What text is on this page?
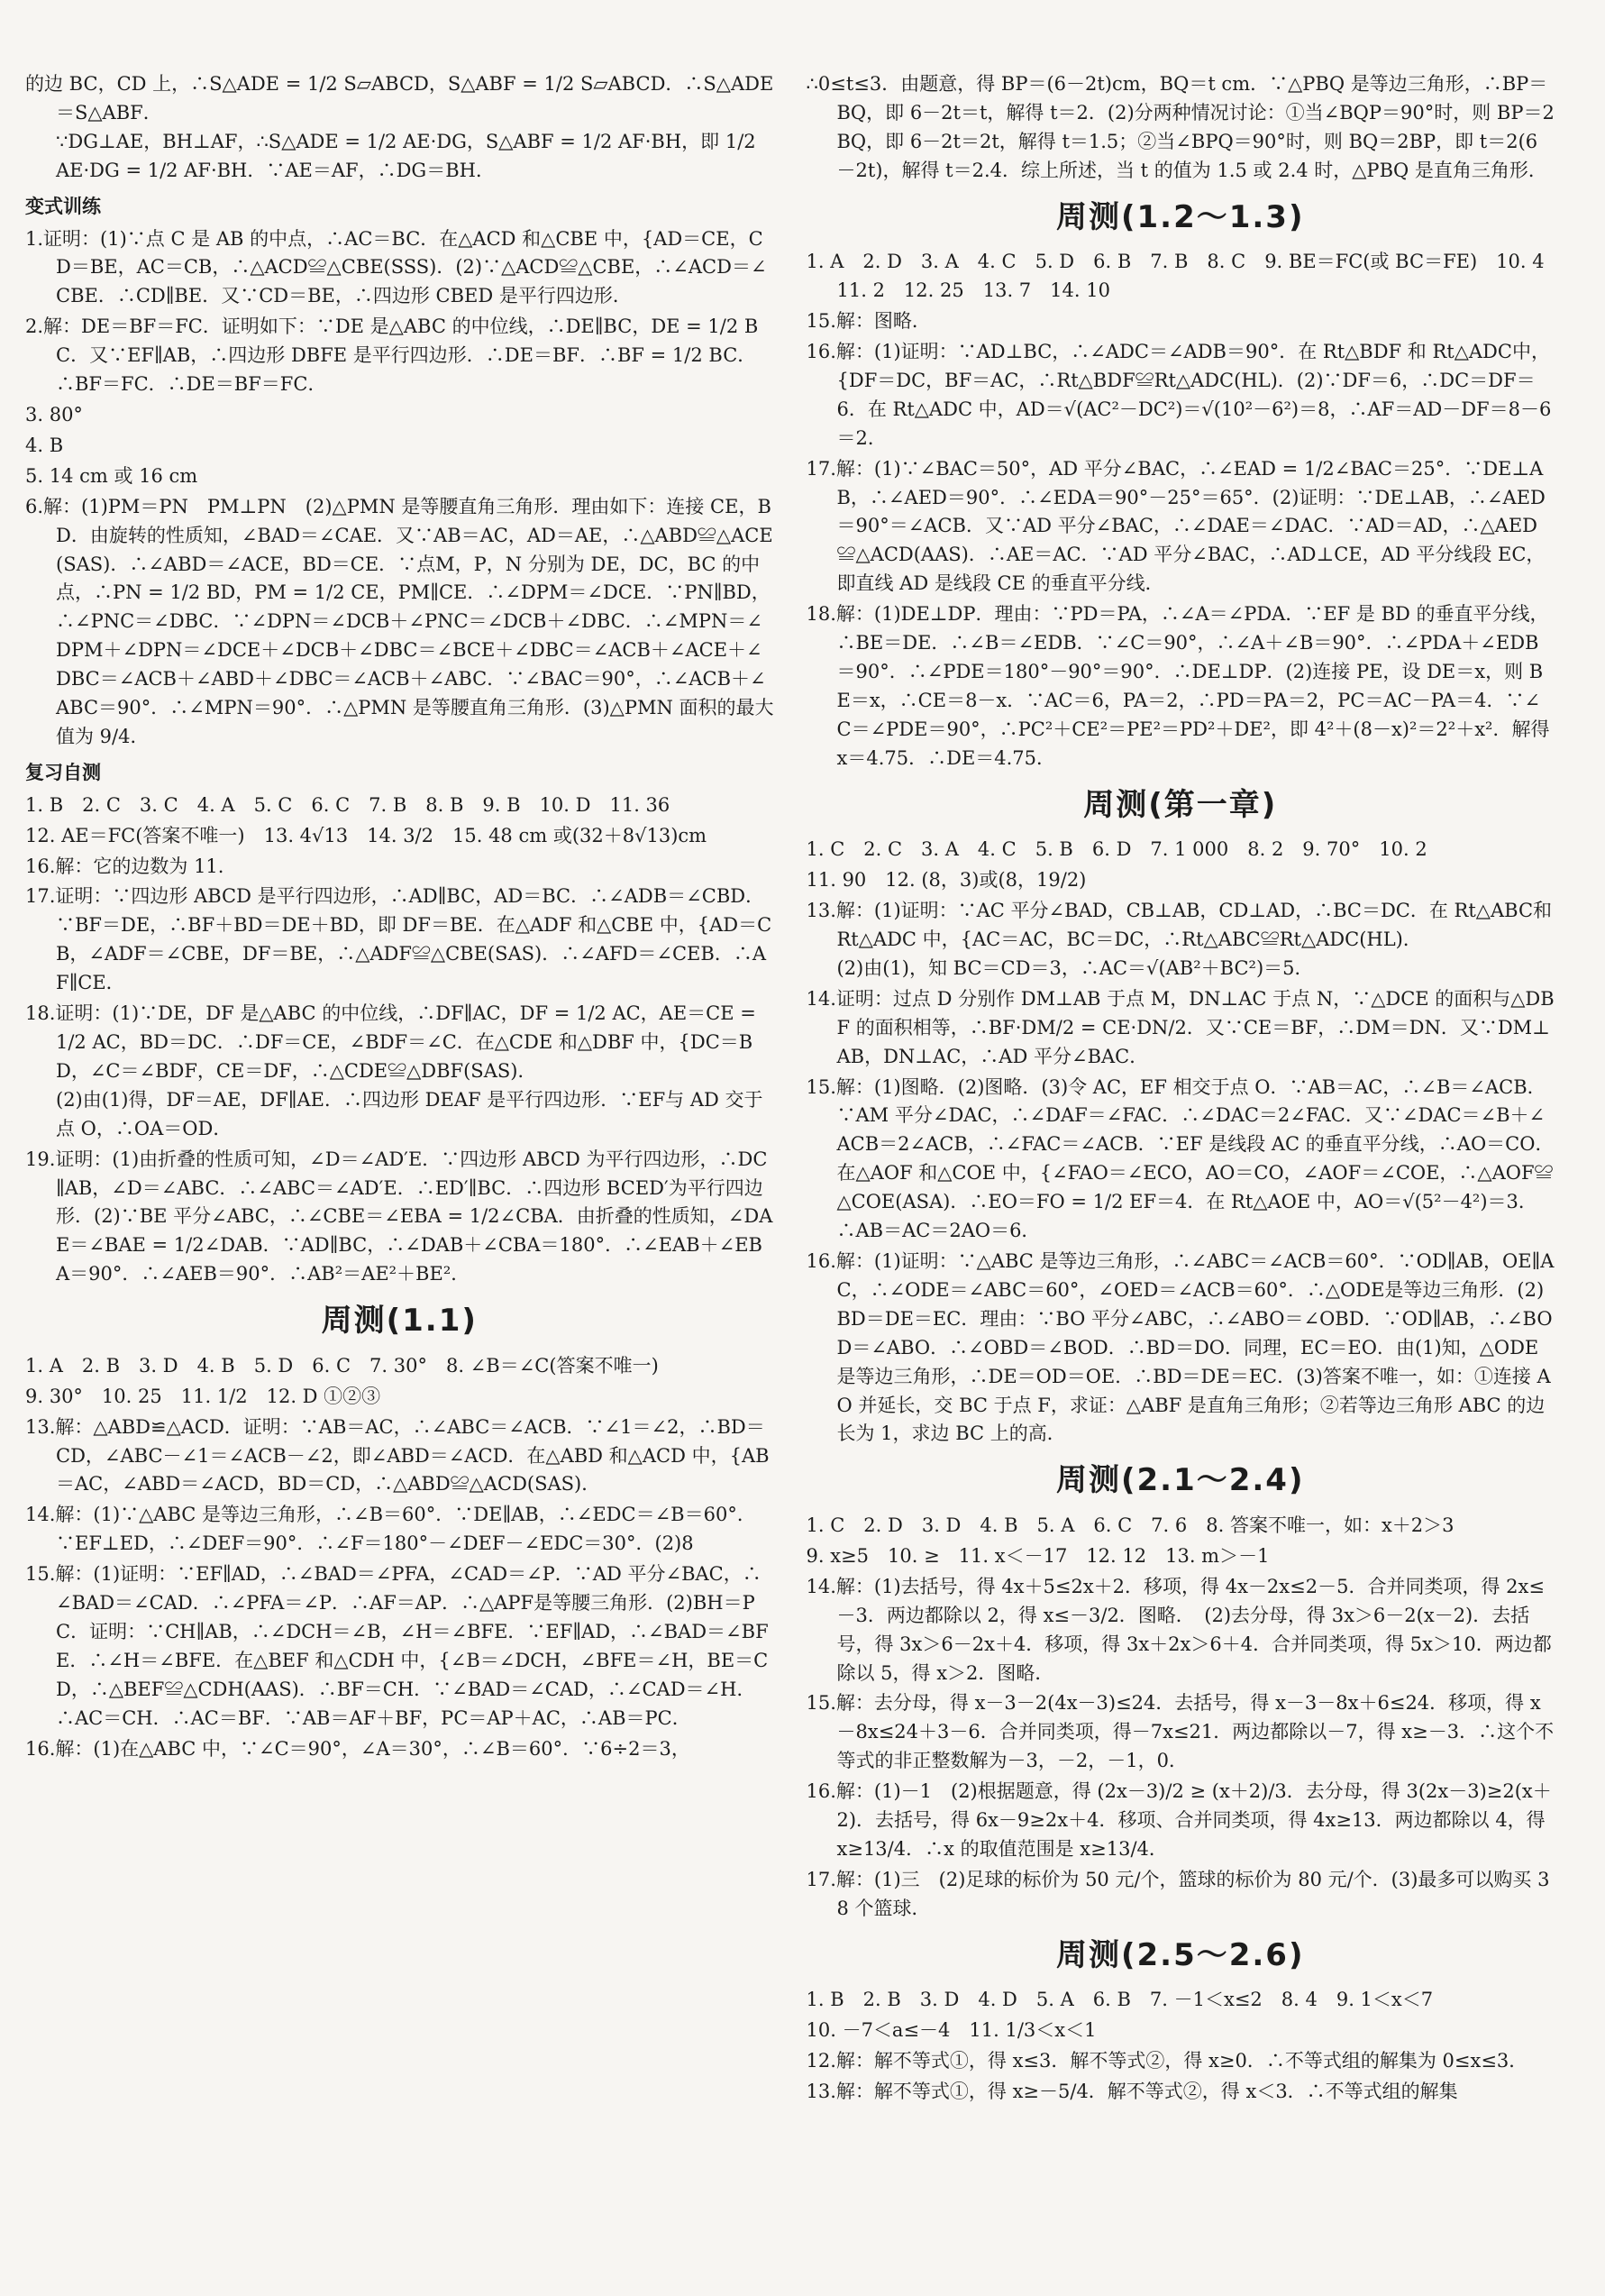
的边 BC，CD 上，∴S△ADE = 1/2 S▱ABCD，S△ABF = 1/2 S▱ABCD．∴S△ADE＝S△ABF．

∵DG⊥AE，BH⊥AF，∴S△ADE = 1/2 AE·DG，S△ABF = 1/2 AF·BH，即 1/2 AE·DG = 1/2 AF·BH．∵AE＝AF，∴DG＝BH．

变式训练

1.证明：(1)∵点 C 是 AB 的中点，∴AC＝BC．在△ACD 和△CBE 中，{AD＝CE，CD＝BE，AC＝CB，∴△ACD≌△CBE(SSS)．(2)∵△ACD≌△CBE，∴∠ACD＝∠CBE．∴CD∥BE．又∵CD＝BE，∴四边形 CBED 是平行四边形．

2.解：DE＝BF＝FC．证明如下：∵DE 是△ABC 的中位线，∴DE∥BC，DE = 1/2 BC．又∵EF∥AB，∴四边形 DBFE 是平行四边形．∴DE＝BF．∴BF = 1/2 BC．∴BF＝FC．∴DE＝BF＝FC．

3. 80°

4. B

5. 14 cm 或 16 cm

6.解：(1)PM＝PN　PM⊥PN　(2)△PMN 是等腰直角三角形．理由如下：连接 CE，BD．由旋转的性质知，∠BAD＝∠CAE．又∵AB＝AC，AD＝AE，∴△ABD≌△ACE(SAS)．∴∠ABD＝∠ACE，BD＝CE．∵点M，P，N 分别为 DE，DC，BC 的中点，∴PN = 1/2 BD，PM = 1/2 CE，PM∥CE．∴∠DPM＝∠DCE．∵PN∥BD，∴∠PNC＝∠DBC．∵∠DPN＝∠DCB＋∠PNC＝∠DCB＋∠DBC．∴∠MPN＝∠DPM＋∠DPN＝∠DCE＋∠DCB＋∠DBC＝∠BCE＋∠DBC＝∠ACB＋∠ACE＋∠DBC＝∠ACB＋∠ABD＋∠DBC＝∠ACB＋∠ABC．∵∠BAC＝90°，∴∠ACB＋∠ABC＝90°．∴∠MPN＝90°．∴△PMN 是等腰直角三角形．(3)△PMN 面积的最大值为 9/4．

复习自测

1. B　2. C　3. C　4. A　5. C　6. C　7. B　8. B　9. B　10. D　11. 36

12. AE＝FC(答案不唯一)　13. 4√13　14. 3/2　15. 48 cm 或(32＋8√13)cm

16.解：它的边数为 11.

17.证明：∵四边形 ABCD 是平行四边形，∴AD∥BC，AD＝BC．∴∠ADB＝∠CBD．∵BF＝DE，∴BF＋BD＝DE＋BD，即 DF＝BE．在△ADF 和△CBE 中，{AD＝CB，∠ADF＝∠CBE，DF＝BE，∴△ADF≌△CBE(SAS)．∴∠AFD＝∠CEB．∴AF∥CE．

18.证明：(1)∵DE，DF 是△ABC 的中位线，∴DF∥AC，DF = 1/2 AC，AE＝CE = 1/2 AC，BD＝DC．∴DF＝CE，∠BDF＝∠C．在△CDE 和△DBF 中，{DC＝BD，∠C＝∠BDF，CE＝DF，∴△CDE≌△DBF(SAS)．

(2)由(1)得，DF＝AE，DF∥AE．∴四边形 DEAF 是平行四边形．∵EF与 AD 交于点 O，∴OA＝OD．

19.证明：(1)由折叠的性质可知，∠D＝∠AD′E．∵四边形 ABCD 为平行四边形，∴DC∥AB，∠D＝∠ABC．∴∠ABC＝∠AD′E．∴ED′∥BC．∴四边形 BCED′为平行四边形．(2)∵BE 平分∠ABC，∴∠CBE＝∠EBA = 1/2∠CBA．由折叠的性质知，∠DAE＝∠BAE = 1/2∠DAB．∵AD∥BC，∴∠DAB＋∠CBA＝180°．∴∠EAB＋∠EBA＝90°．∴∠AEB＝90°．∴AB²＝AE²＋BE²．

周测(1.1)

1. A　2. B　3. D　4. B　5. D　6. C　7. 30°　8. ∠B＝∠C(答案不唯一)

9. 30°　10. 25　11. 1/2　12. D ①②③

13.解：△ABD≌△ACD．证明：∵AB＝AC，∴∠ABC＝∠ACB．∵∠1＝∠2，∴BD＝CD，∠ABC－∠1＝∠ACB－∠2，即∠ABD＝∠ACD．在△ABD 和△ACD 中，{AB＝AC，∠ABD＝∠ACD，BD＝CD，∴△ABD≌△ACD(SAS)．

14.解：(1)∵△ABC 是等边三角形，∴∠B＝60°．∵DE∥AB，∴∠EDC＝∠B＝60°．∵EF⊥ED，∴∠DEF＝90°．∴∠F＝180°－∠DEF－∠EDC＝30°．(2)8

15.解：(1)证明：∵EF∥AD，∴∠BAD＝∠PFA，∠CAD＝∠P．∵AD 平分∠BAC，∴∠BAD＝∠CAD．∴∠PFA＝∠P．∴AF＝AP．∴△APF是等腰三角形．(2)BH＝PC．证明：∵CH∥AB，∴∠DCH＝∠B，∠H＝∠BFE．∵EF∥AD，∴∠BAD＝∠BFE．∴∠H＝∠BFE．在△BEF 和△CDH 中，{∠B＝∠DCH，∠BFE＝∠H，BE＝CD，∴△BEF≌△CDH(AAS)．∴BF＝CH．∵∠BAD＝∠CAD，∴∠CAD＝∠H．∴AC＝CH．∴AC＝BF．∵AB＝AF＋BF，PC＝AP＋AC，∴AB＝PC．

16.解：(1)在△ABC 中，∵∠C＝90°，∠A＝30°，∴∠B＝60°．∵6÷2＝3，

∴0≤t≤3．由题意，得 BP＝(6－2t)cm，BQ＝t cm．∵△PBQ 是等边三角形，∴BP＝BQ，即 6－2t＝t，解得 t＝2．(2)分两种情况讨论：①当∠BQP＝90°时，则 BP＝2BQ，即 6－2t＝2t，解得 t＝1.5；②当∠BPQ＝90°时，则 BQ＝2BP，即 t＝2(6－2t)，解得 t＝2.4．综上所述，当 t 的值为 1.5 或 2.4 时，△PBQ 是直角三角形．

周测(1.2～1.3)

1. A　2. D　3. A　4. C　5. D　6. B　7. B　8. C　9. BE＝FC(或 BC＝FE)　10. 4　11. 2　12. 25　13. 7　14. 10

15.解：图略．

16.解：(1)证明：∵AD⊥BC，∴∠ADC＝∠ADB＝90°．在 Rt△BDF 和 Rt△ADC中，{DF＝DC，BF＝AC，∴Rt△BDF≌Rt△ADC(HL)．(2)∵DF＝6，∴DC＝DF＝6．在 Rt△ADC 中，AD＝√(AC²－DC²)＝√(10²－6²)＝8，∴AF＝AD－DF＝8－6＝2．

17.解：(1)∵∠BAC＝50°，AD 平分∠BAC，∴∠EAD = 1/2∠BAC＝25°．∵DE⊥AB，∴∠AED＝90°．∴∠EDA＝90°－25°＝65°．(2)证明：∵DE⊥AB，∴∠AED＝90°＝∠ACB．又∵AD 平分∠BAC，∴∠DAE＝∠DAC．∵AD＝AD，∴△AED≌△ACD(AAS)．∴AE＝AC．∵AD 平分∠BAC，∴AD⊥CE，AD 平分线段 EC，即直线 AD 是线段 CE 的垂直平分线．

18.解：(1)DE⊥DP．理由：∵PD＝PA，∴∠A＝∠PDA．∵EF 是 BD 的垂直平分线，∴BE＝DE．∴∠B＝∠EDB．∵∠C＝90°，∴∠A＋∠B＝90°．∴∠PDA＋∠EDB＝90°．∴∠PDE＝180°－90°＝90°．∴DE⊥DP．(2)连接 PE，设 DE＝x，则 BE＝x，∴CE＝8－x．∵AC＝6，PA＝2，∴PD＝PA＝2，PC＝AC－PA＝4．∵∠C＝∠PDE＝90°，∴PC²＋CE²＝PE²＝PD²＋DE²，即 4²＋(8－x)²＝2²＋x²．解得 x＝4.75．∴DE＝4.75．

周测(第一章)

1. C　2. C　3. A　4. C　5. B　6. D　7. 1 000　8. 2　9. 70°　10. 2

11. 90　12. (8，3)或(8，19/2)

13.解：(1)证明：∵AC 平分∠BAD，CB⊥AB，CD⊥AD，∴BC＝DC．在 Rt△ABC和 Rt△ADC 中，{AC＝AC，BC＝DC，∴Rt△ABC≌Rt△ADC(HL)．

(2)由(1)，知 BC＝CD＝3，∴AC＝√(AB²＋BC²)＝5．

14.证明：过点 D 分别作 DM⊥AB 于点 M，DN⊥AC 于点 N，∵△DCE 的面积与△DBF 的面积相等，∴BF·DM/2 = CE·DN/2．又∵CE＝BF，∴DM＝DN．又∵DM⊥AB，DN⊥AC，∴AD 平分∠BAC．

15.解：(1)图略．(2)图略．(3)令 AC，EF 相交于点 O．∵AB＝AC，∴∠B＝∠ACB．∵AM 平分∠DAC，∴∠DAF＝∠FAC．∴∠DAC＝2∠FAC．又∵∠DAC＝∠B＋∠ACB＝2∠ACB，∴∠FAC＝∠ACB．∵EF 是线段 AC 的垂直平分线，∴AO＝CO．在△AOF 和△COE 中，{∠FAO＝∠ECO，AO＝CO，∠AOF＝∠COE，∴△AOF≌△COE(ASA)．∴EO＝FO = 1/2 EF＝4．在 Rt△AOE 中，AO＝√(5²－4²)＝3．∴AB＝AC＝2AO＝6．

16.解：(1)证明：∵△ABC 是等边三角形，∴∠ABC＝∠ACB＝60°．∵OD∥AB，OE∥AC，∴∠ODE＝∠ABC＝60°，∠OED＝∠ACB＝60°．∴△ODE是等边三角形．(2)BD＝DE＝EC．理由：∵BO 平分∠ABC，∴∠ABO＝∠OBD．∵OD∥AB，∴∠BOD＝∠ABO．∴∠OBD＝∠BOD．∴BD＝DO．同理，EC＝EO．由(1)知，△ODE 是等边三角形，∴DE＝OD＝OE．∴BD＝DE＝EC．(3)答案不唯一，如：①连接 AO 并延长，交 BC 于点 F，求证：△ABF 是直角三角形；②若等边三角形 ABC 的边长为 1，求边 BC 上的高．

周测(2.1～2.4)

1. C　2. D　3. D　4. B　5. A　6. C　7. 6　8. 答案不唯一，如：x＋2＞3

9. x≥5　10. ≥　11. x＜－17　12. 12　13. m＞－1

14.解：(1)去括号，得 4x＋5≤2x＋2．移项，得 4x－2x≤2－5．合并同类项，得 2x≤－3．两边都除以 2，得 x≤－3/2．图略．　(2)去分母，得 3x＞6－2(x－2)．去括号，得 3x＞6－2x＋4．移项，得 3x＋2x＞6＋4．合并同类项，得 5x＞10．两边都除以 5，得 x＞2．图略．

15.解：去分母，得 x－3－2(4x－3)≤24．去括号，得 x－3－8x＋6≤24．移项，得 x－8x≤24＋3－6．合并同类项，得－7x≤21．两边都除以－7，得 x≥－3．∴这个不等式的非正整数解为－3，－2，－1，0．

16.解：(1)－1　(2)根据题意，得 (2x－3)/2 ≥ (x＋2)/3．去分母，得 3(2x－3)≥2(x＋2)．去括号，得 6x－9≥2x＋4．移项、合并同类项，得 4x≥13．两边都除以 4，得 x≥13/4．∴x 的取值范围是 x≥13/4．

17.解：(1)三　(2)足球的标价为 50 元/个，篮球的标价为 80 元/个．(3)最多可以购买 38 个篮球．

周测(2.5～2.6)

1. B　2. B　3. D　4. D　5. A　6. B　7. －1＜x≤2　8. 4　9. 1＜x＜7

10. －7＜a≤－4　11. 1/3＜x＜1

12.解：解不等式①，得 x≤3．解不等式②，得 x≥0．∴不等式组的解集为 0≤x≤3．

13.解：解不等式①，得 x≥－5/4．解不等式②，得 x＜3．∴不等式组的解集
